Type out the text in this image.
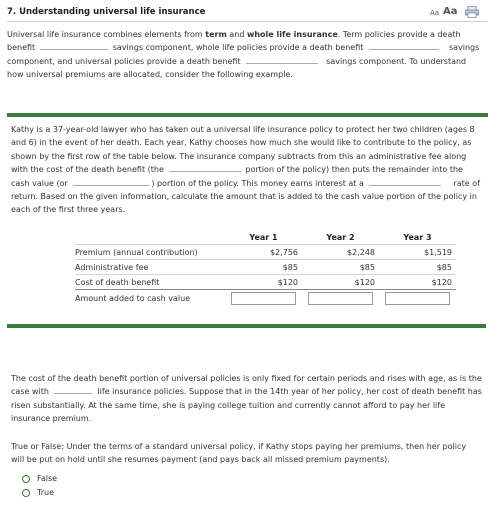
7. Understanding universal life insurance	Aa Aa
Universal life insurance combines elements from term and whole life insurance. Term policies provide a death
benefit	savings component, whole life policies provide a death benefit	savings
component, and universal policies provide a death benefit	savings component. To understand
how universal premiums are allocated, consider the following example.
Kathy is a 37-year-old lawyer who has taken out a universal life insurance policy to protect her two children (ages 8
and 6) in the event of her death. Each year, Kathy chooses how much she would like to contribute to the policy, as
shown by the first row of the table below. The insurance company subtracts from this an administrative fee along
with the cost of the death benefit (the	portion of the policy) then puts the remainder into the
cash value (or	) portion of the policy. This money earns interest at a	rate of
return. Based on the given information, calculate the amount that is added to the cash value portion of the policy in
each of the first three years.
	Year 1	Year 2	Year 3
Premium (annual contribution)	$2,756	$2,248	$1,519
Administrative fee	$85	$85	$85
Cost of death benefit	$120	$120	$120
Amount added to cash value			
The cost of the death benefit portion of universal policies is only fixed for certain periods and rises with age, as is the
case with	life insurance policies. Suppose that in the 14th year of her policy, her cost of death benefit has
risen substantially. At the same time, she is paying college tuition and currently cannot afford to pay her life
insurance premium.
True or False: Under the terms of a standard universal policy, if Kathy stops paying her premiums, then her policy
will be put on hold until she resumes payment (and pays back all missed premium payments).
False
True
